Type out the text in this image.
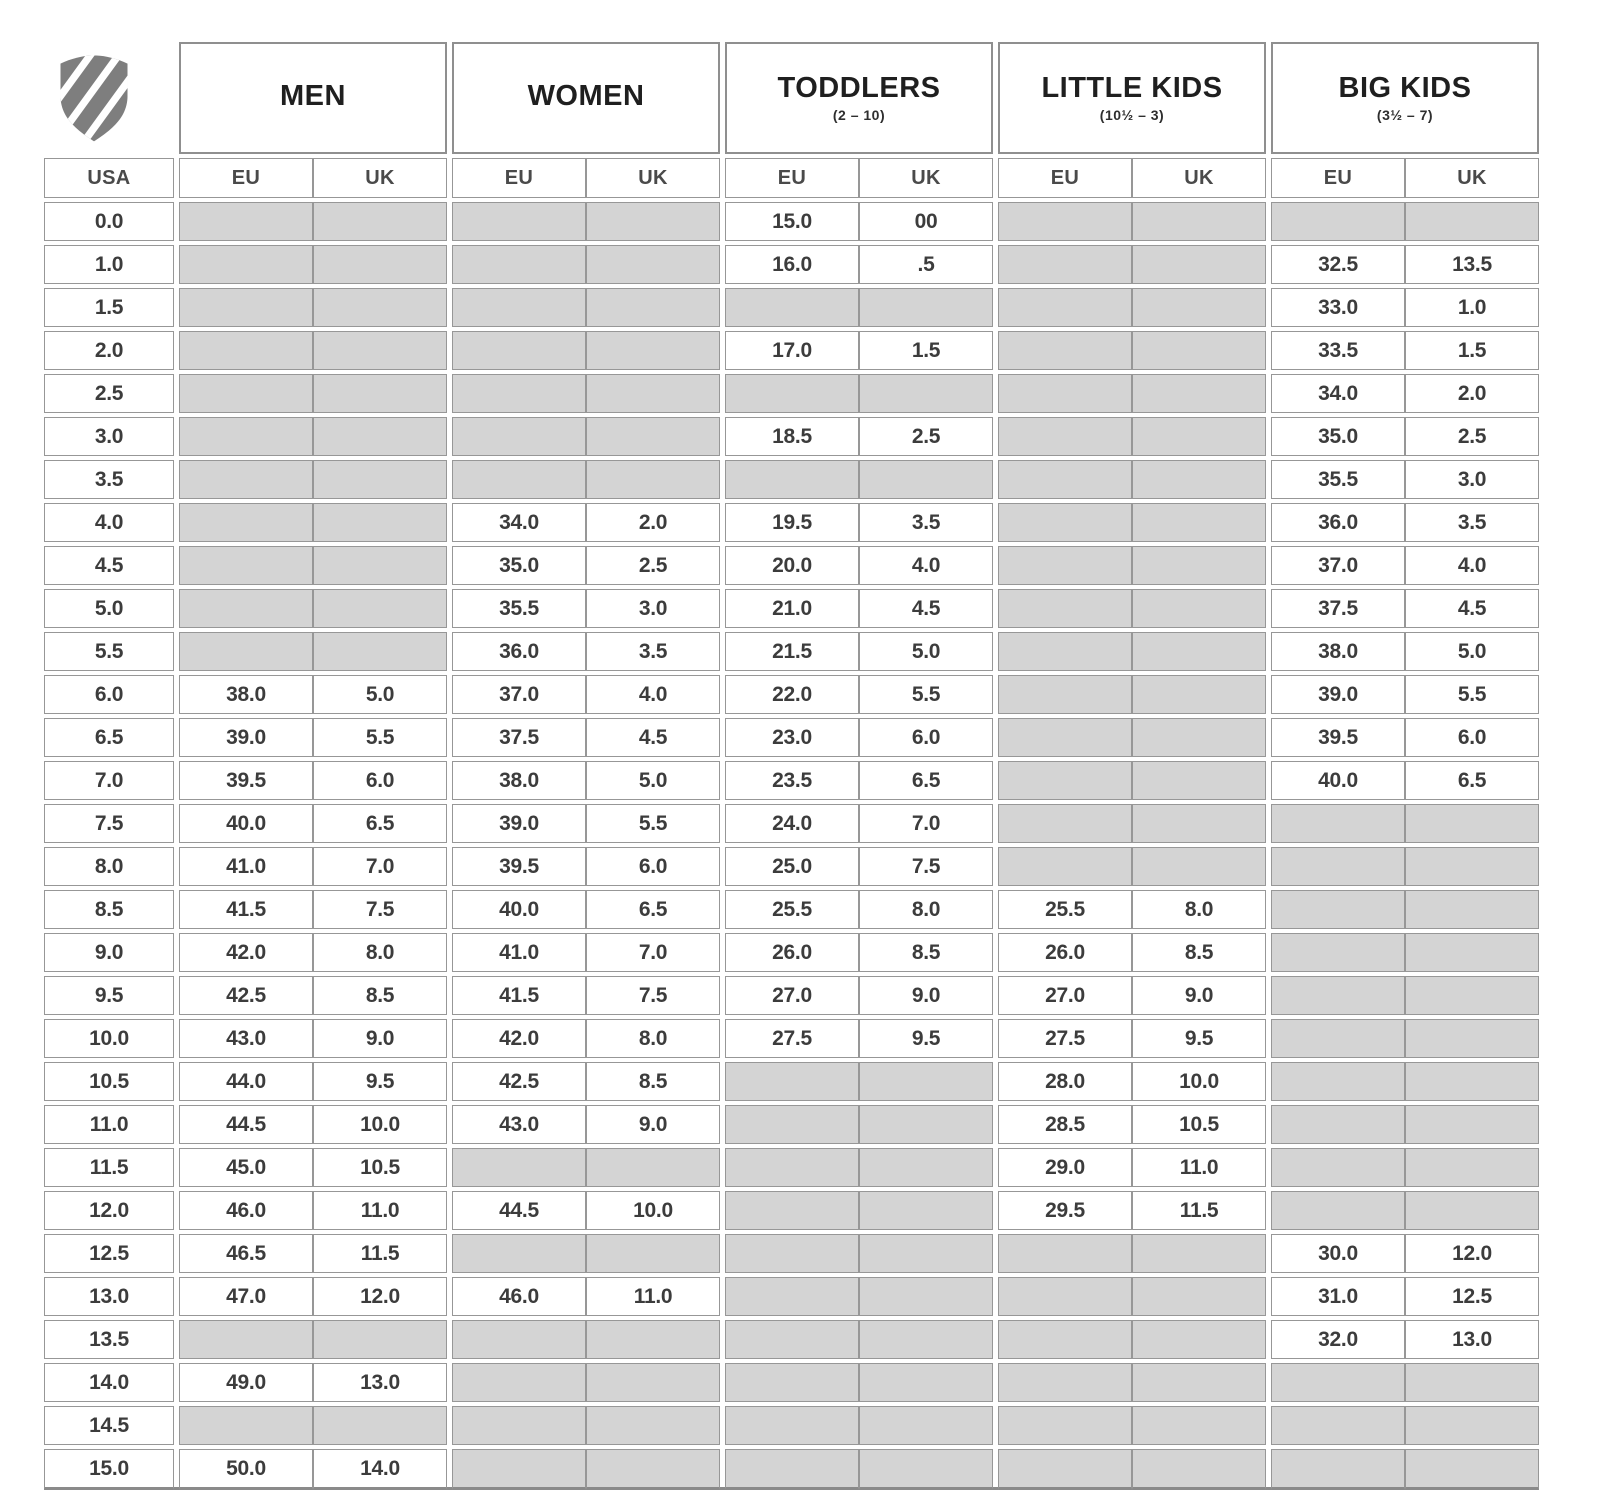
MEN		WOMEN		TODDLERS
(2 – 10)

LITTLE KIDS
(10½ – 3)

BIG KIDS
(3½ – 7)

USA		EU	UK		EU	UK		EU	UK		EU	UK		EU	UK
0.0								15.0	00						
1.0								16.0	.5					32.5	13.5
1.5														33.0	1.0
2.0								17.0	1.5					33.5	1.5
2.5														34.0	2.0
3.0								18.5	2.5					35.0	2.5
3.5														35.5	3.0
4.0					34.0	2.0		19.5	3.5					36.0	3.5
4.5					35.0	2.5		20.0	4.0					37.0	4.0
5.0					35.5	3.0		21.0	4.5					37.5	4.5
5.5					36.0	3.5		21.5	5.0					38.0	5.0
6.0		38.0	5.0		37.0	4.0		22.0	5.5					39.0	5.5
6.5		39.0	5.5		37.5	4.5		23.0	6.0					39.5	6.0
7.0		39.5	6.0		38.0	5.0		23.5	6.5					40.0	6.5
7.5		40.0	6.5		39.0	5.5		24.0	7.0						
8.0		41.0	7.0		39.5	6.0		25.0	7.5						
8.5		41.5	7.5		40.0	6.5		25.5	8.0		25.5	8.0			
9.0		42.0	8.0		41.0	7.0		26.0	8.5		26.0	8.5			
9.5		42.5	8.5		41.5	7.5		27.0	9.0		27.0	9.0			
10.0		43.0	9.0		42.0	8.0		27.5	9.5		27.5	9.5			
10.5		44.0	9.5		42.5	8.5					28.0	10.0			
11.0		44.5	10.0		43.0	9.0					28.5	10.5			
11.5		45.0	10.5								29.0	11.0			
12.0		46.0	11.0		44.5	10.0					29.5	11.5			
12.5		46.5	11.5											30.0	12.0
13.0		47.0	12.0		46.0	11.0								31.0	12.5
13.5														32.0	13.0
14.0		49.0	13.0												
14.5															
15.0		50.0	14.0												
